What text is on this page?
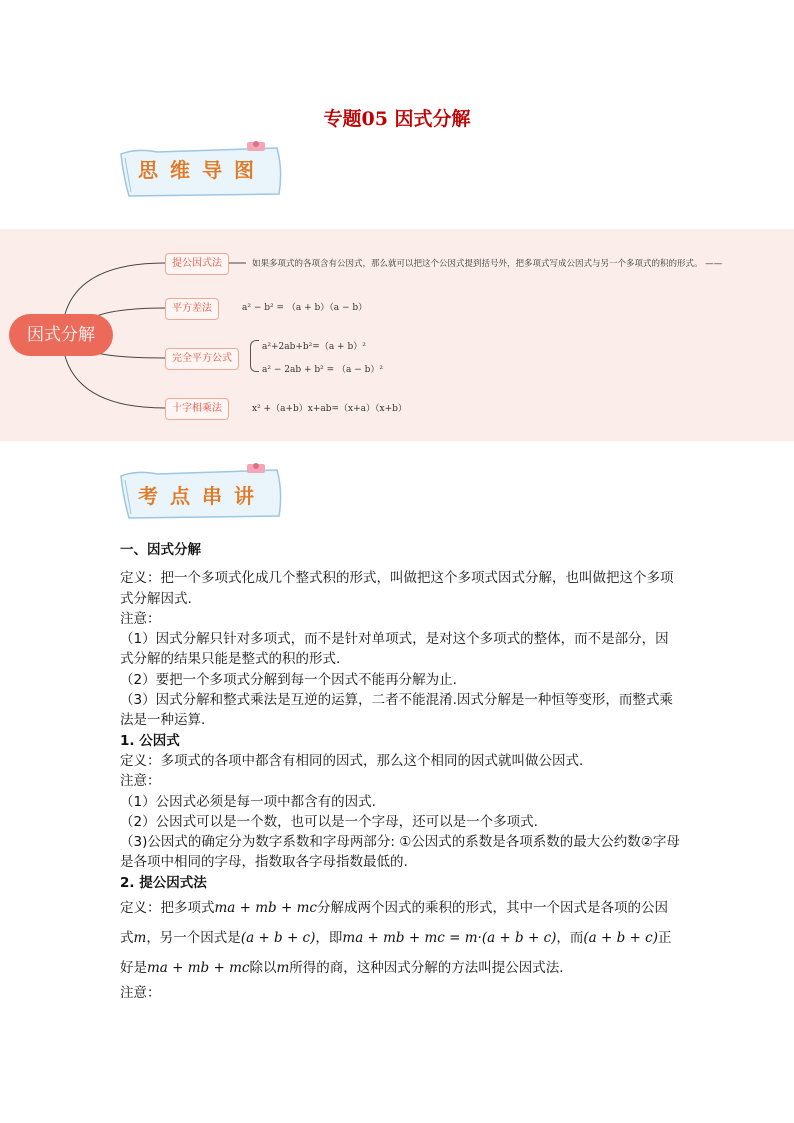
专题05 因式分解
思维导图
因式分解
提公因式法
平方差法
完全平方公式
十字相乘法
如果多项式的各项含有公因式，那么就可以把这个公因式提到括号外，把多项式写成公因式与另一个多项式的积的形式。 ——
a² − b² = （a + b）（a − b）
a²+2ab+b²=（a + b）²
a² − 2ab + b² = （a − b）²
x² +（a+b）x+ab=（x+a）（x+b）
考点串讲

一、因式分解

定义：把一个多项式化成几个整式积的形式，叫做把这个多项式因式分解，也叫做把这个多项式分解因式.

注意：

（1）因式分解只针对多项式，而不是针对单项式，是对这个多项式的整体，而不是部分，因式分解的结果只能是整式的积的形式.

（2）要把一个多项式分解到每一个因式不能再分解为止.

（3）因式分解和整式乘法是互逆的运算，二者不能混淆.因式分解是一种恒等变形，而整式乘法是一种运算.

1. 公因式

定义：多项式的各项中都含有相同的因式，那么这个相同的因式就叫做公因式.

注意：

（1）公因式必须是每一项中都含有的因式.

（2）公因式可以是一个数，也可以是一个字母，还可以是一个多项式.

（3)公因式的确定分为数字系数和字母两部分: ①公因式的系数是各项系数的最大公约数②字母是各项中相同的字母，指数取各字母指数最低的.

2. 提公因式法

定义：把多项式ma + mb + mc分解成两个因式的乘积的形式，其中一个因式是各项的公因式m，另一个因式是(a + b + c)，即ma + mb + mc = m·(a + b + c)，而(a + b + c)正好是ma + mb + mc除以m所得的商，这种因式分解的方法叫提公因式法.

注意：
